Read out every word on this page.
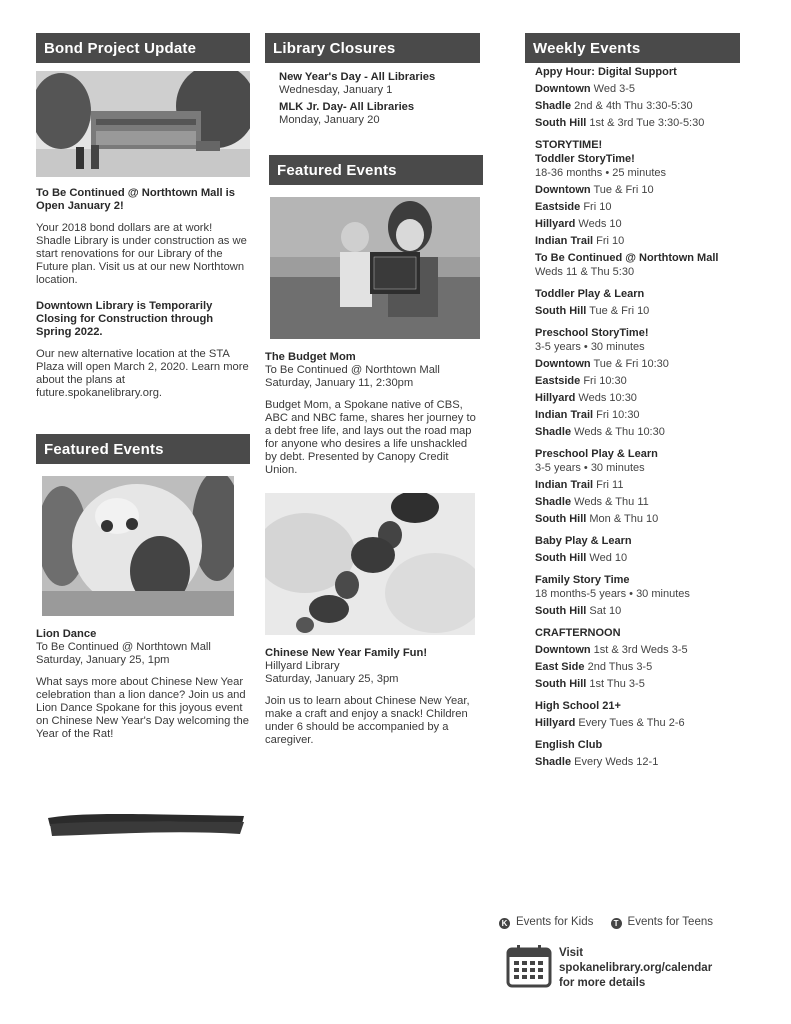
Bond Project Update

To Be Continued @ Northtown Mall is Open January 2!

Your 2018 bond dollars are at work! Shadle Library is under construction as we start renovations for our Library of the Future plan. Visit us at our new Northtown location.

Downtown Library is Temporarily Closing for Construction through Spring 2022.

Our new alternative location at the STA Plaza will open March 2, 2020. Learn more about the plans at future.spokanelibrary.org.

Featured Events

Lion Dance

To Be Continued @ Northtown Mall

Saturday, January 25, 1pm

What says more about Chinese New Year celebration than a lion dance? Join us and Lion Dance Spokane for this joyous event on Chinese New Year's Day welcoming the Year of the Rat!

Library Closures

New Year's Day - All Libraries

Wednesday, January 1

MLK Jr. Day- All Libraries

Monday, January 20

Featured Events

The Budget Mom

To Be Continued @ Northtown Mall

Saturday, January 11, 2:30pm

Budget Mom, a Spokane native of CBS, ABC and NBC fame, shares her journey to a debt free life, and lays out the road map for anyone who desires a life unshackled by debt. Presented by Canopy Credit Union.

Chinese New Year Family Fun!

Hillyard Library

Saturday, January 25, 3pm

Join us to learn about Chinese New Year, make a craft and enjoy a snack! Children under 6 should be accompanied by a caregiver.

Weekly Events
Appy Hour: Digital Support
Downtown Wed 3-5
Shadle 2nd & 4th Thu 3:30-5:30
South Hill 1st & 3rd Tue 3:30-5:30
STORYTIME!
Toddler StoryTime!
18-36 months • 25 minutes
Downtown Tue & Fri 10
Eastside Fri 10
Hillyard Weds 10
Indian Trail Fri 10
To Be Continued @ Northtown Mall Weds 11 & Thu 5:30
Toddler Play & Learn
South Hill Tue & Fri 10
Preschool StoryTime!
3-5 years • 30 minutes
Downtown Tue & Fri 10:30
Eastside Fri 10:30
Hillyard Weds 10:30
Indian Trail Fri 10:30
Shadle Weds & Thu 10:30
Preschool Play & Learn
3-5 years • 30 minutes
Indian Trail Fri 11
Shadle Weds & Thu 11
South Hill Mon & Thu 10
Baby Play & Learn
South Hill Wed 10
Family Story Time
18 months-5 years • 30 minutes
South Hill Sat 10
CRAFTERNOON
Downtown 1st & 3rd Weds 3-5
East Side 2nd Thus 3-5
South Hill 1st Thu 3-5
High School 21+
Hillyard Every Tues & Thu 2-6
English Club
Shadle Every Weds 12-1
K Events for Kids	T Events for Teens
Visit
spokanelibrary.org/calendar
for more details
